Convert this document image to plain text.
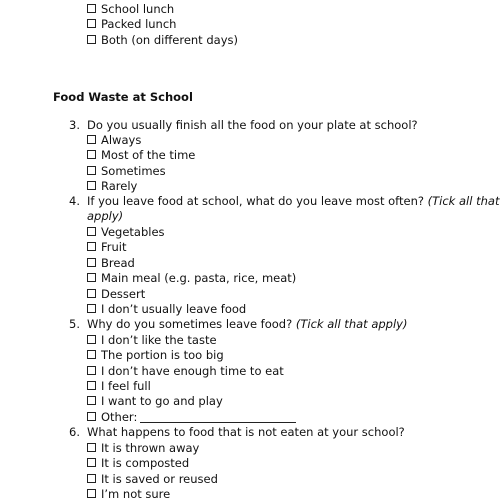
School lunch
Packed lunch
Both (on different days)
Food Waste at School
3. Do you usually finish all the food on your plate at school?
Always
Most of the time
Sometimes
Rarely
4. If you leave food at school, what do you leave most often? (Tick all that
apply)
Vegetables
Fruit
Bread
Main meal (e.g. pasta, rice, meat)
Dessert
I don’t usually leave food
5. Why do you sometimes leave food? (Tick all that apply)
I don’t like the taste
The portion is too big
I don’t have enough time to eat
I feel full
I want to go and play
Other:
6. What happens to food that is not eaten at your school?
It is thrown away
It is composted
It is saved or reused
I’m not sure
